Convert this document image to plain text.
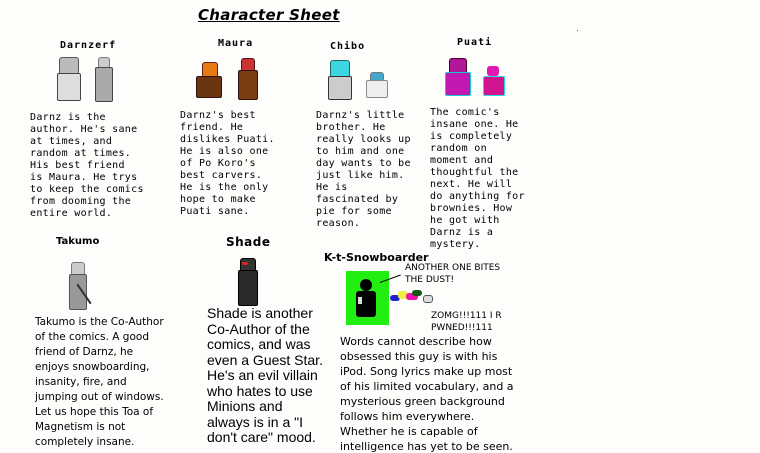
Character Sheet
Darnzerf
Darnz is the
author. He's sane
at times, and
random at times.
His best friend
is Maura. He trys
to keep the comics
from dooming the
entire world.
Maura
Darnz's best
friend. He
dislikes Puati.
He is also one
of Po Koro's
best carvers.
He is the only
hope to make
Puati sane.
Chibo
Darnz's little
brother. He
really looks up
to him and one
day wants to be
just like him.
He is
fascinated by
pie for some
reason.
Puati
The comic's
insane one. He
is completely
random on
moment and
thoughtful the
next. He will
do anything for
brownies. How
he got with
Darnz is a
mystery.
Takumo
Takumo is the Co-Author
of the comics. A good
friend of Darnz, he
enjoys snowboarding,
insanity, fire, and
jumping out of windows.
Let us hope this Toa of
Magnetism is not
completely insane.
Shade
Shade is another
Co-Author of the
comics, and was
even a Guest Star.
He's an evil villain
who hates to use
Minions and
always is in a "I
don't care" mood.
K-t-Snowboarder
ANOTHER ONE BITES
THE DUST!
ZOMG!!!111 I R
PWNED!!!111
Words cannot describe how
obsessed this guy is with his
iPod. Song lyrics make up most
of his limited vocabulary, and a
mysterious green background
follows him everywhere.
Whether he is capable of
intelligence has yet to be seen.
